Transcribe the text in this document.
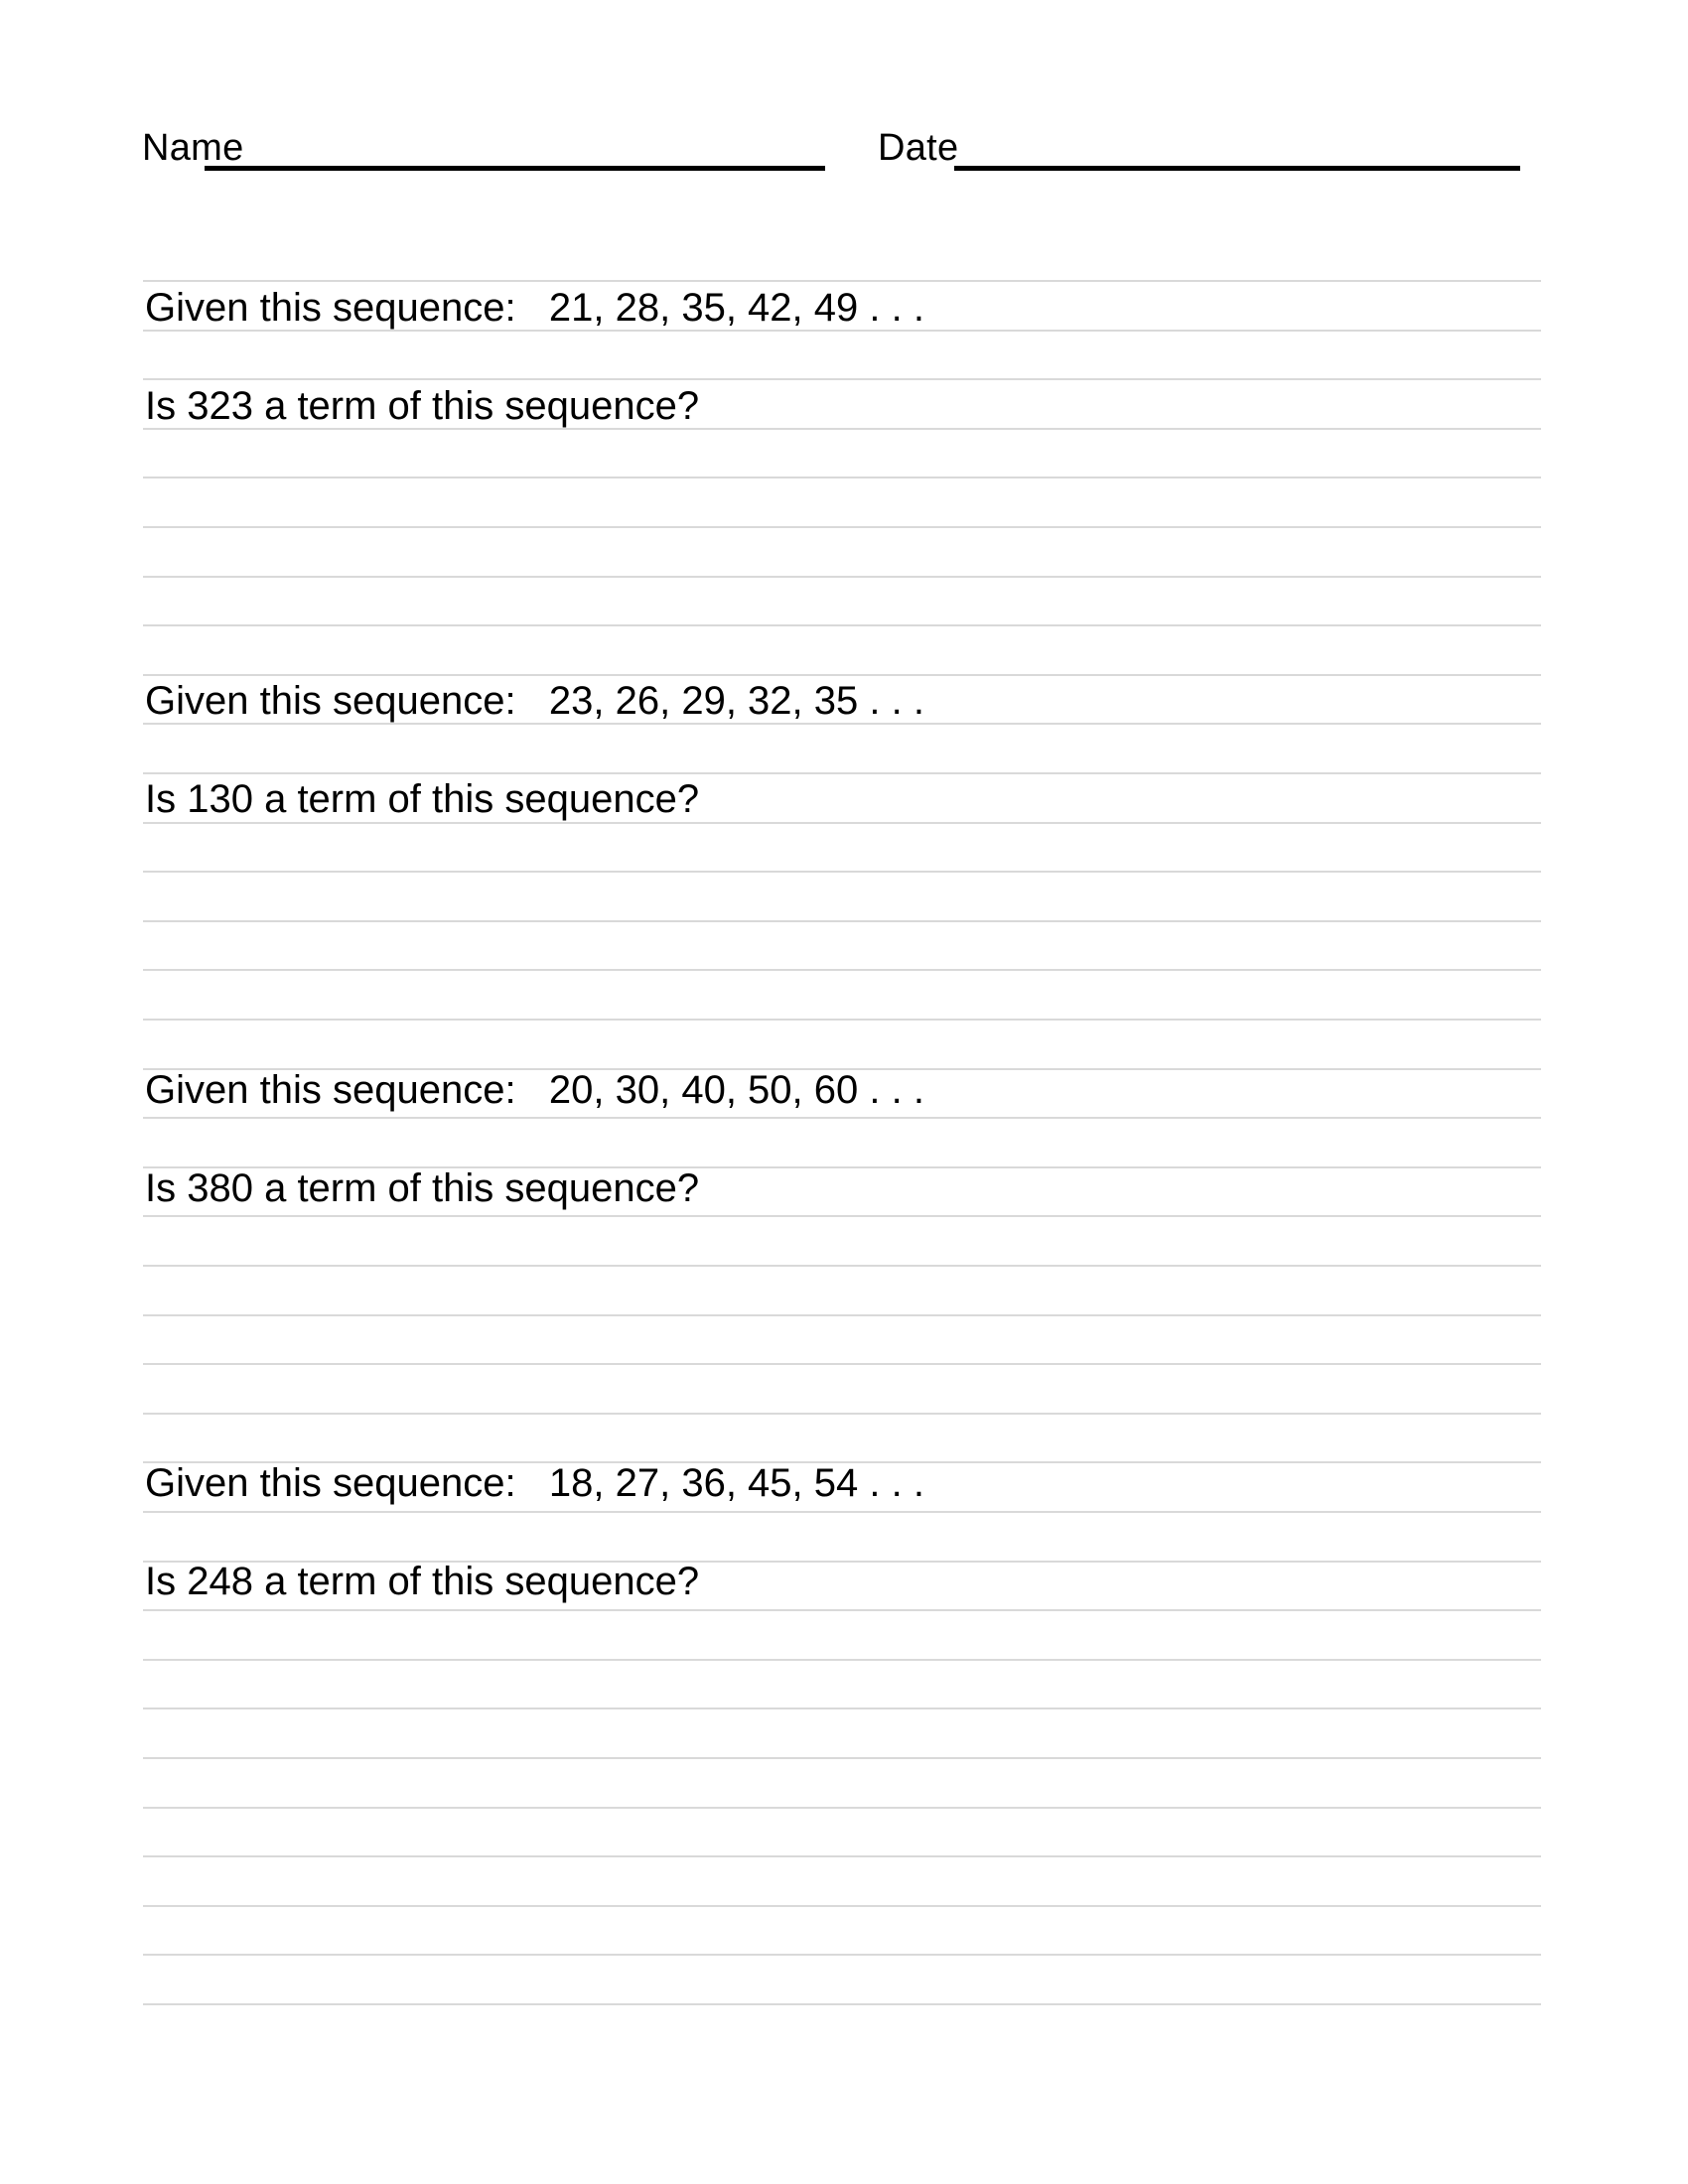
Name	Date
Given this sequence:   21, 28, 35, 42, 49 . . .
Is 323 a term of this sequence?
Given this sequence:   23, 26, 29, 32, 35 . . .
Is 130 a term of this sequence?
Given this sequence:   20, 30, 40, 50, 60 . . .
Is 380 a term of this sequence?
Given this sequence:   18, 27, 36, 45, 54 . . .
Is 248 a term of this sequence?
